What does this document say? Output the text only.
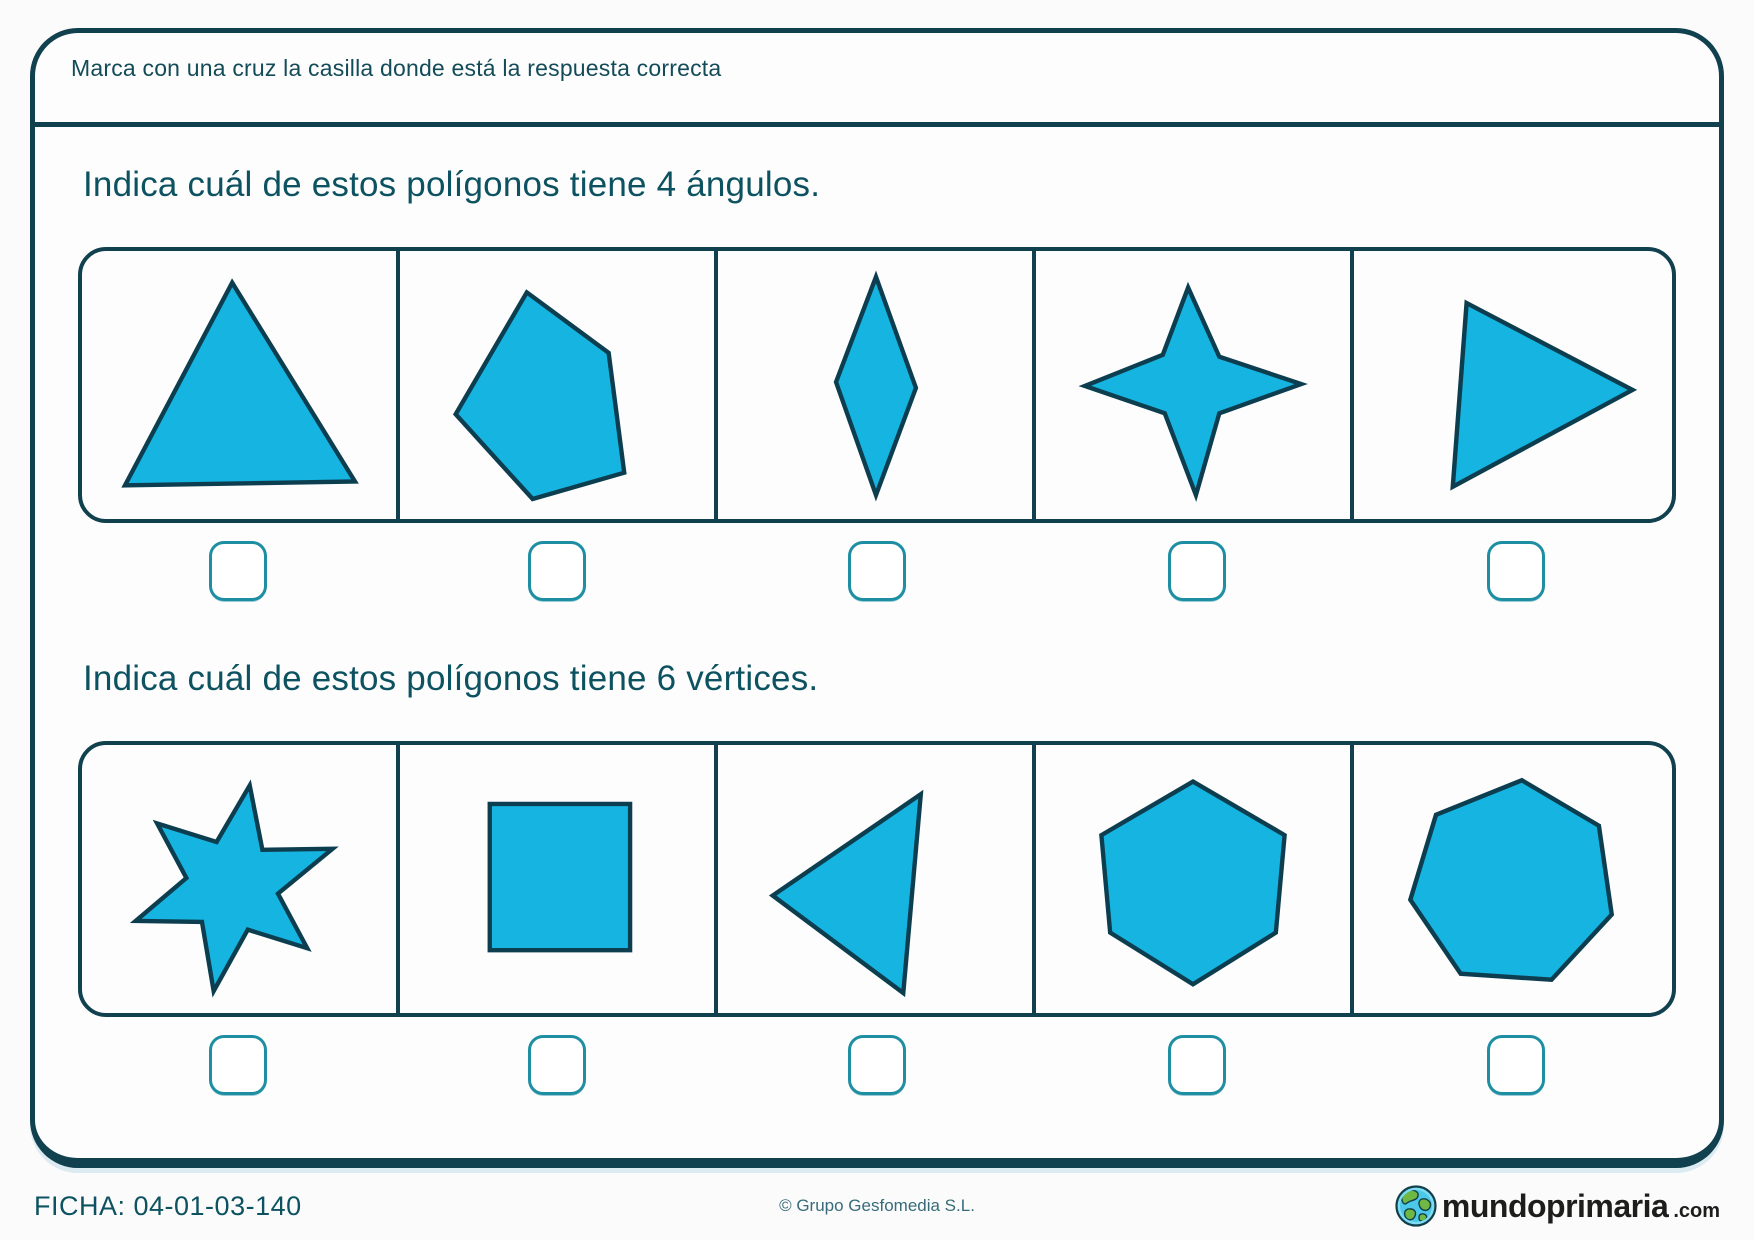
Marca con una cruz la casilla donde está la respuesta correcta
Indica cuál de estos polígonos tiene 4 ángulos.
Indica cuál de estos polígonos tiene 6 vértices.
FICHA: 04-01-03-140	© Grupo Gesfomedia S.L.	mundoprimaria .com
